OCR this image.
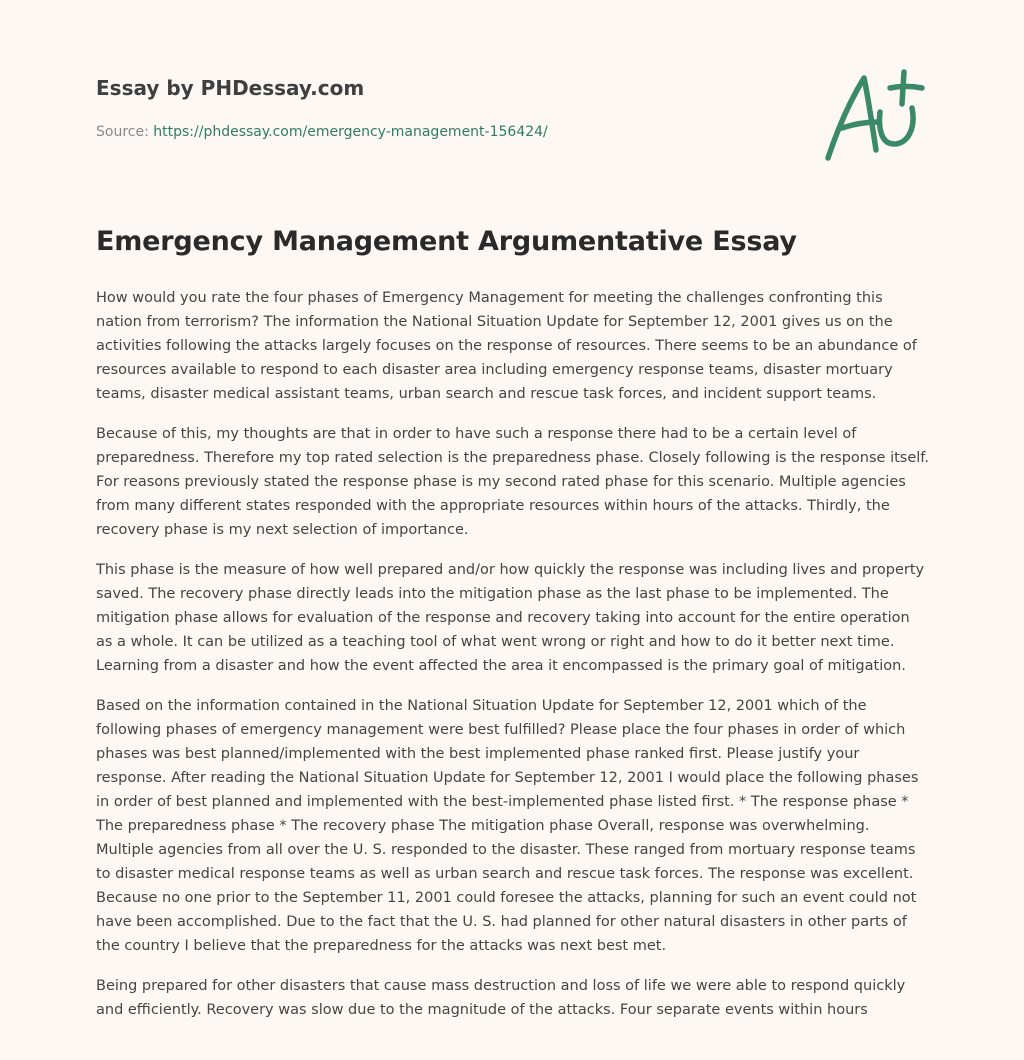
Essay by PHDessay.com
Source: https://phdessay.com/emergency-management-156424/
Emergency Management Argumentative Essay

How would you rate the four phases of Emergency Management for meeting the challenges confronting this nation from terrorism? The information the National Situation Update for September 12, 2001 gives us on the activities following the attacks largely focuses on the response of resources. There seems to be an abundance of resources available to respond to each disaster area including emergency response teams, disaster mortuary teams, disaster medical assistant teams, urban search and rescue task forces, and incident support teams.

Because of this, my thoughts are that in order to have such a response there had to be a certain level of preparedness. Therefore my top rated selection is the preparedness phase. Closely following is the response itself. For reasons previously stated the response phase is my second rated phase for this scenario. Multiple agencies from many different states responded with the appropriate resources within hours of the attacks. Thirdly, the recovery phase is my next selection of importance.

This phase is the measure of how well prepared and/or how quickly the response was including lives and property saved. The recovery phase directly leads into the mitigation phase as the last phase to be implemented. The mitigation phase allows for evaluation of the response and recovery taking into account for the entire operation as a whole. It can be utilized as a teaching tool of what went wrong or right and how to do it better next time. Learning from a disaster and how the event affected the area it encompassed is the primary goal of mitigation.

Based on the information contained in the National Situation Update for September 12, 2001 which of the following phases of emergency management were best fulfilled? Please place the four phases in order of which phases was best planned/implemented with the best implemented phase ranked first. Please justify your response. After reading the National Situation Update for September 12, 2001 I would place the following phases in order of best planned and implemented with the best-implemented phase listed first. * The response phase * The preparedness phase * The recovery phase The mitigation phase Overall, response was overwhelming. Multiple agencies from all over the U. S. responded to the disaster. These ranged from mortuary response teams to disaster medical response teams as well as urban search and rescue task forces. The response was excellent. Because no one prior to the September 11, 2001 could foresee the attacks, planning for such an event could not have been accomplished. Due to the fact that the U. S. had planned for other natural disasters in other parts of the country I believe that the preparedness for the attacks was next best met.

Being prepared for other disasters that cause mass destruction and loss of life we were able to respond quickly and efficiently. Recovery was slow due to the magnitude of the attacks. Four separate events within hours
